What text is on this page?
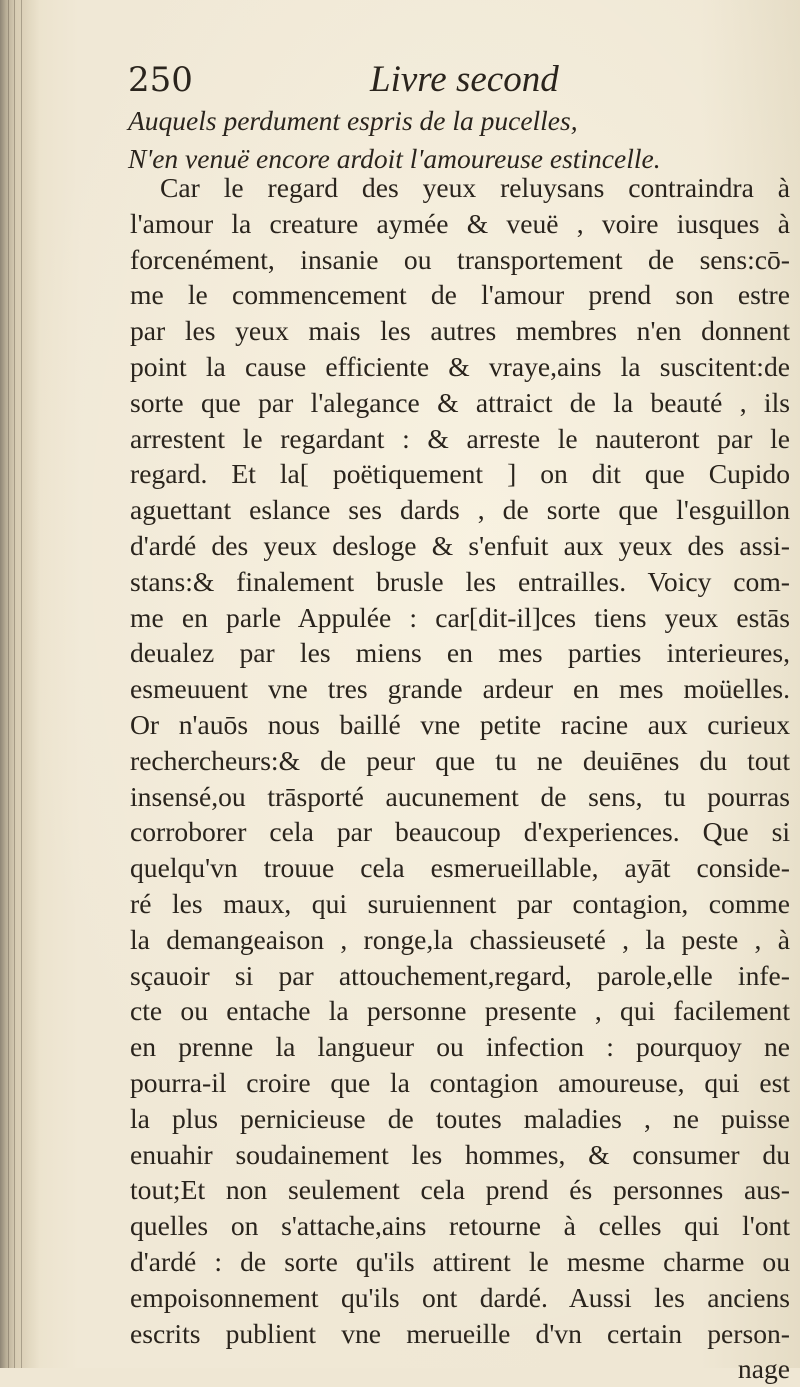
250	Livre second
Auquels perdument espris de la pucelles,
N'en venuë encore ardoit l'amoureuse estincelle.
Car le regard des yeux reluysans contraindra à
l'amour la creature aymée & veuë , voire iusques à
forcenément, insanie ou transportement de sens:cō-
me le commencement de l'amour prend son estre
par les yeux mais les autres membres n'en donnent
point la cause efficiente & vraye,ains la suscitent:de
sorte que par l'alegance & attraict de la beauté , ils
arrestent le regardant : & arreste le nauteront par le
regard. Et la[ poëtiquement ] on dit que Cupido
aguettant eslance ses dards , de sorte que l'esguillon
d'ardé des yeux desloge & s'enfuit aux yeux des assi-
stans:& finalement brusle les entrailles. Voicy com-
me en parle Appulée : car[dit-il]ces tiens yeux estās
deualez par les miens en mes parties interieures,
esmeuuent vne tres grande ardeur en mes moüelles.
Or n'auōs nous baillé vne petite racine aux curieux
rechercheurs:& de peur que tu ne deuiēnes du tout
insensé,ou trāsporté aucunement de sens, tu pourras
corroborer cela par beaucoup d'experiences. Que si
quelqu'vn trouue cela esmerueillable, ayāt conside-
ré les maux, qui suruiennent par contagion, comme
la demangeaison , ronge,la chassieuseté , la peste , à
sçauoir si par attouchement,regard, parole,elle infe-
cte ou entache la personne presente , qui facilement
en prenne la langueur ou infection : pourquoy ne
pourra-il croire que la contagion amoureuse, qui est
la plus pernicieuse de toutes maladies , ne puisse
enuahir soudainement les hommes, & consumer du
tout;Et non seulement cela prend és personnes aus-
quelles on s'attache,ains retourne à celles qui l'ont
d'ardé : de sorte qu'ils attirent le mesme charme ou
empoisonnement qu'ils ont dardé. Aussi les anciens
escrits publient vne merueille d'vn certain person-
nage
